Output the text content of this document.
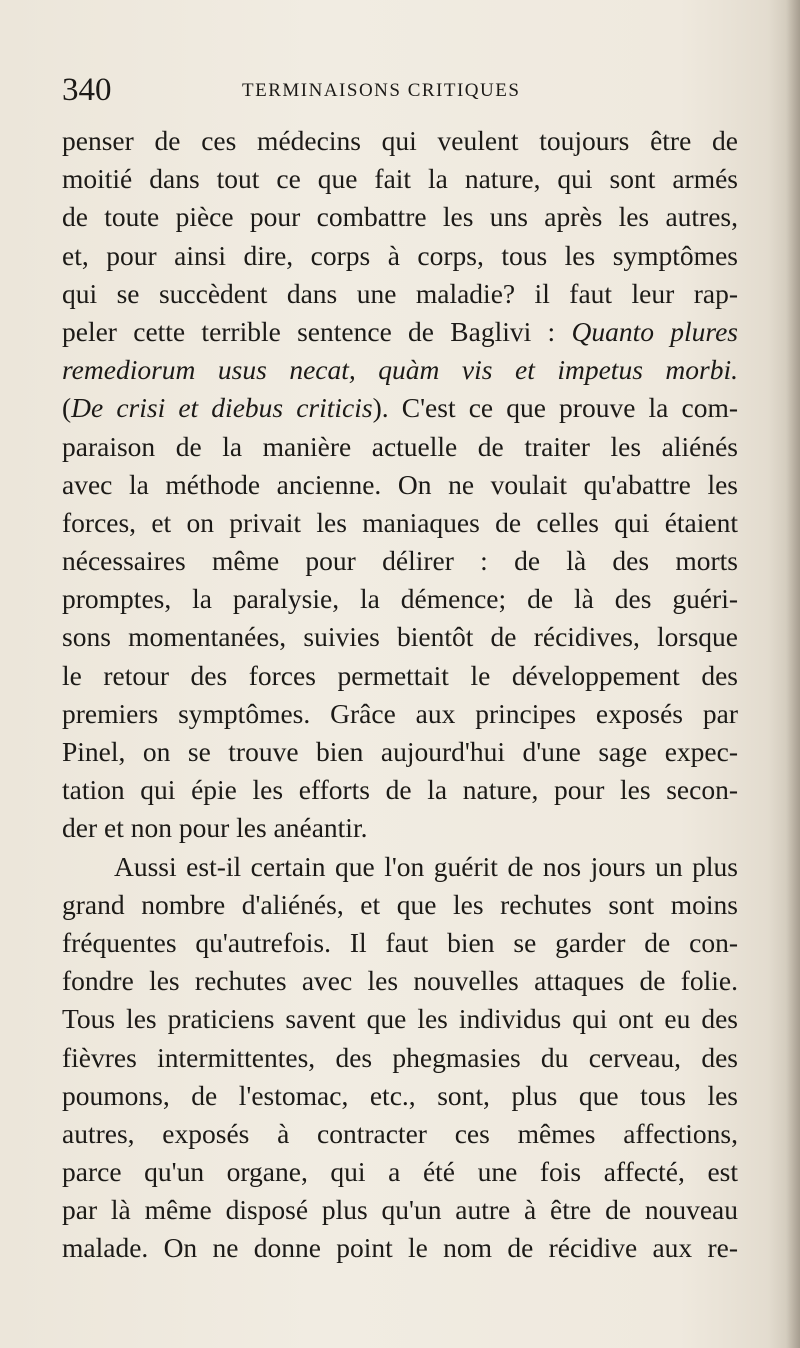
340	TERMINAISONS CRITIQUES
penser de ces médecins qui veulent toujours être de
moitié dans tout ce que fait la nature, qui sont armés
de toute pièce pour combattre les uns après les autres,
et, pour ainsi dire, corps à corps, tous les symptômes
qui se succèdent dans une maladie? il faut leur rap-
peler cette terrible sentence de Baglivi : Quanto plures
remediorum usus necat, quàm vis et impetus morbi.
(De crisi et diebus criticis). C'est ce que prouve la com-
paraison de la manière actuelle de traiter les aliénés
avec la méthode ancienne. On ne voulait qu'abattre les
forces, et on privait les maniaques de celles qui étaient
nécessaires même pour délirer : de là des morts
promptes, la paralysie, la démence; de là des guéri-
sons momentanées, suivies bientôt de récidives, lorsque
le retour des forces permettait le développement des
premiers symptômes. Grâce aux principes exposés par
Pinel, on se trouve bien aujourd'hui d'une sage expec-
tation qui épie les efforts de la nature, pour les secon-
der et non pour les anéantir.
Aussi est-il certain que l'on guérit de nos jours un plus
grand nombre d'aliénés, et que les rechutes sont moins
fréquentes qu'autrefois. Il faut bien se garder de con-
fondre les rechutes avec les nouvelles attaques de folie.
Tous les praticiens savent que les individus qui ont eu des
fièvres intermittentes, des phegmasies du cerveau, des
poumons, de l'estomac, etc., sont, plus que tous les
autres, exposés à contracter ces mêmes affections,
parce qu'un organe, qui a été une fois affecté, est
par là même disposé plus qu'un autre à être de nouveau
malade. On ne donne point le nom de récidive aux re-
